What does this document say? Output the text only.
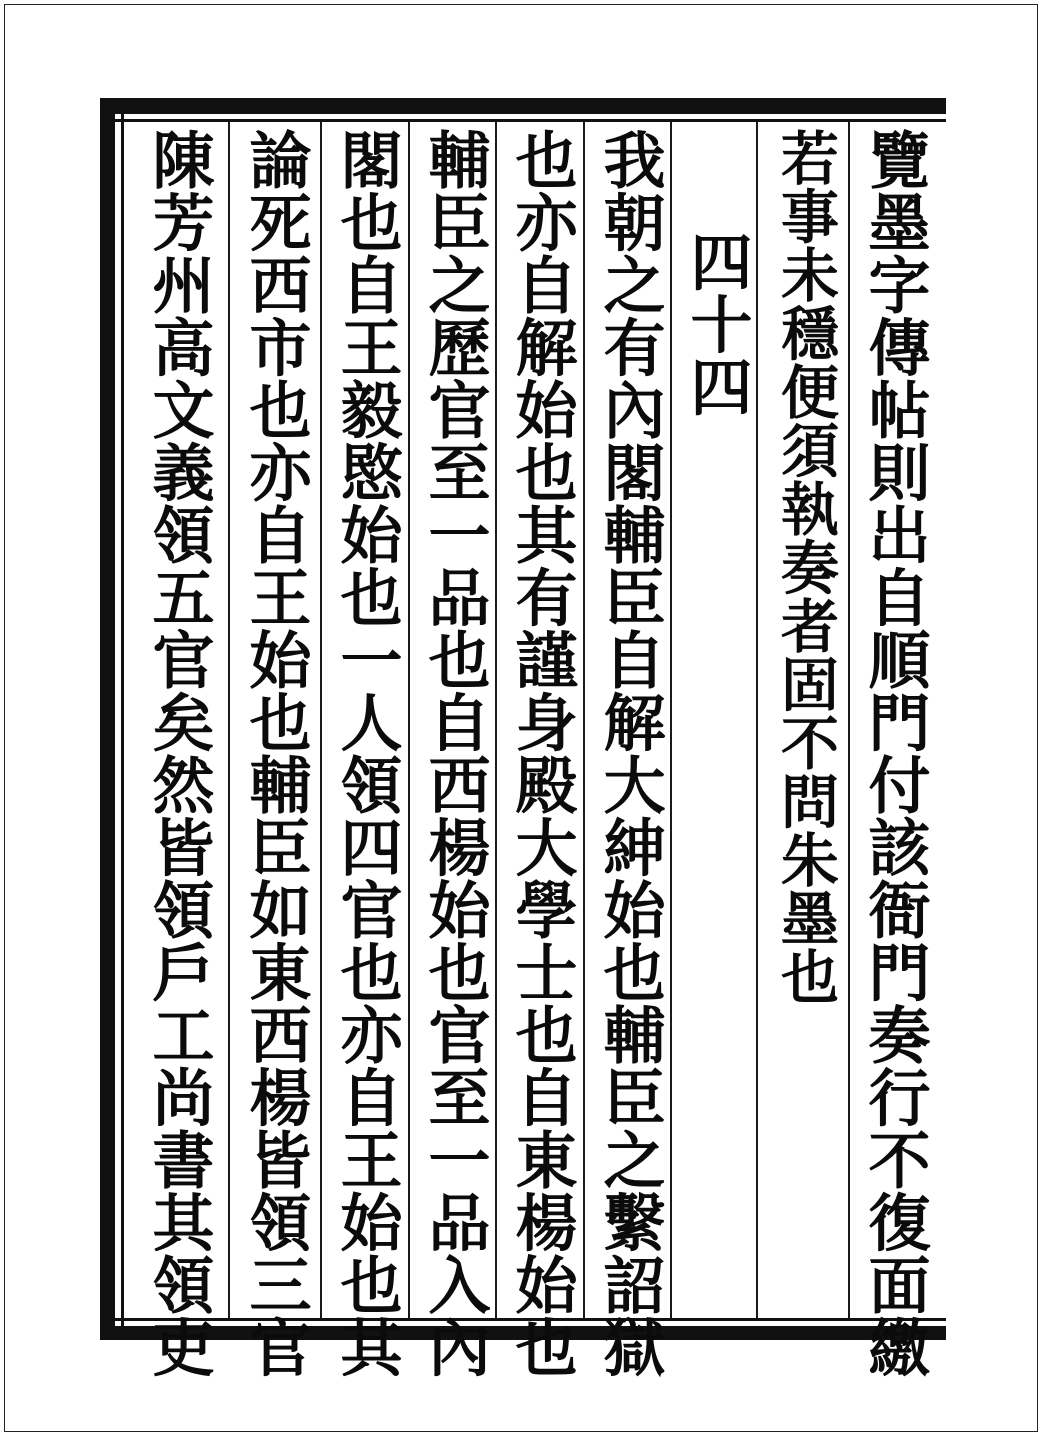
覽墨字傳帖則出自順門付該衙門奏行不復面繳
若事未穩便須執奏者固不問朱墨也
四十四
我朝之有內閣輔臣自解大紳始也輔臣之繫詔獄
也亦自解始也其有謹身殿大學士也自東楊始也
輔臣之歷官至一品也自西楊始也官至一品入內
閣也自王毅愍始也一人領四官也亦自王始也其
論死西市也亦自王始也輔臣如東西楊皆領三官
陳芳州高文義領五官矣然皆領戶工尚書其領吏
